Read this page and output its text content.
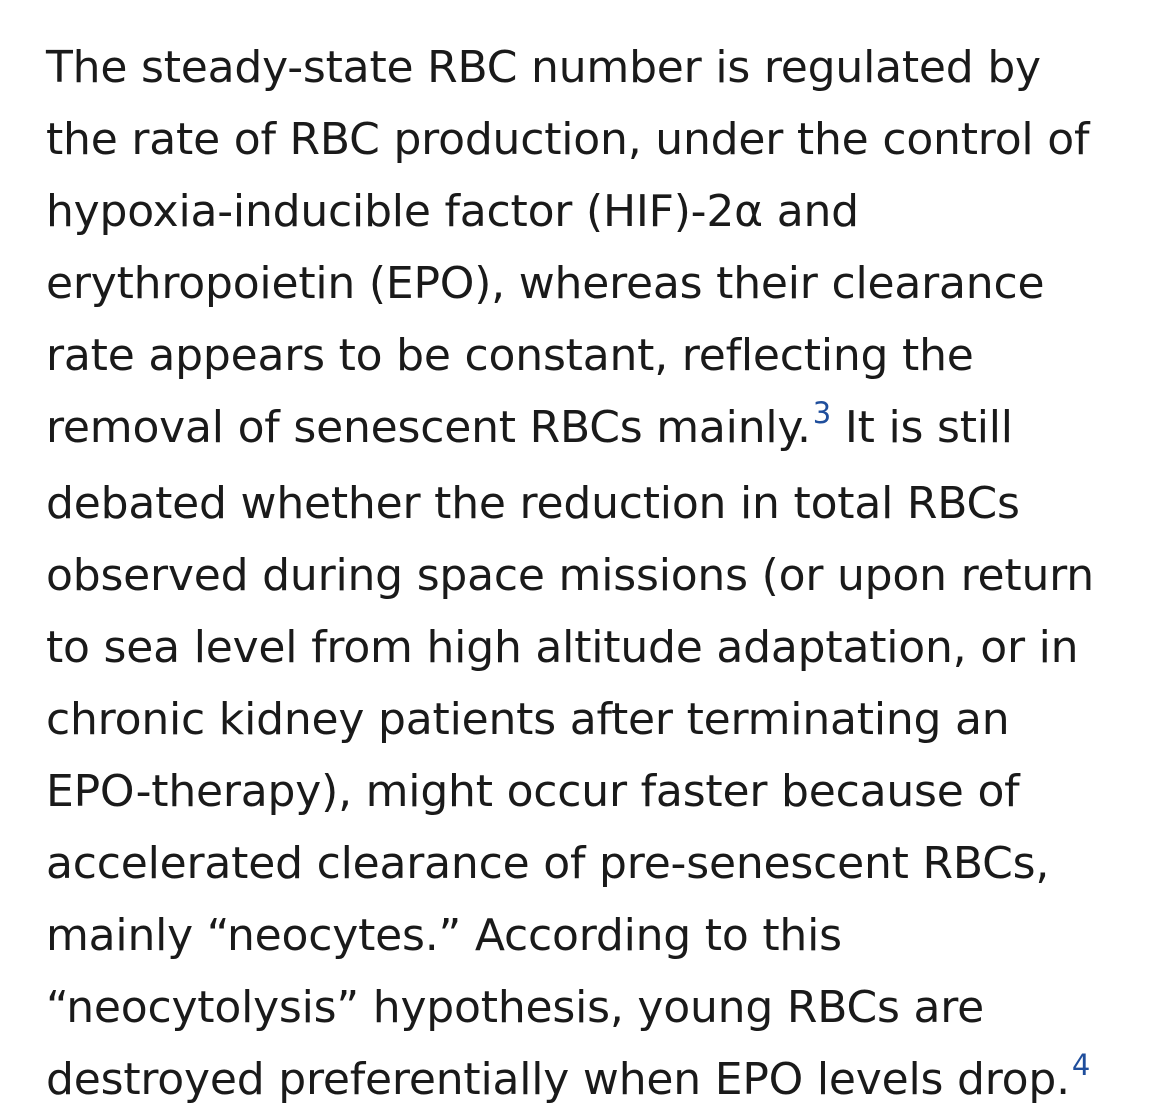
The steady-state RBC number is regulated by
the rate of RBC production, under the control of
hypoxia-inducible factor (HIF)-2α and
erythropoietin (EPO), whereas their clearance
rate appears to be constant, reflecting the
removal of senescent RBCs mainly.$^3$ It is still
debated whether the reduction in total RBCs
observed during space missions (or upon return
to sea level from high altitude adaptation, or in
chronic kidney patients after terminating an
EPO-therapy), might occur faster because of
accelerated clearance of pre-senescent RBCs,
mainly “neocytes.” According to this
“neocytolysis” hypothesis, young RBCs are
destroyed preferentially when EPO levels drop.$^4$
